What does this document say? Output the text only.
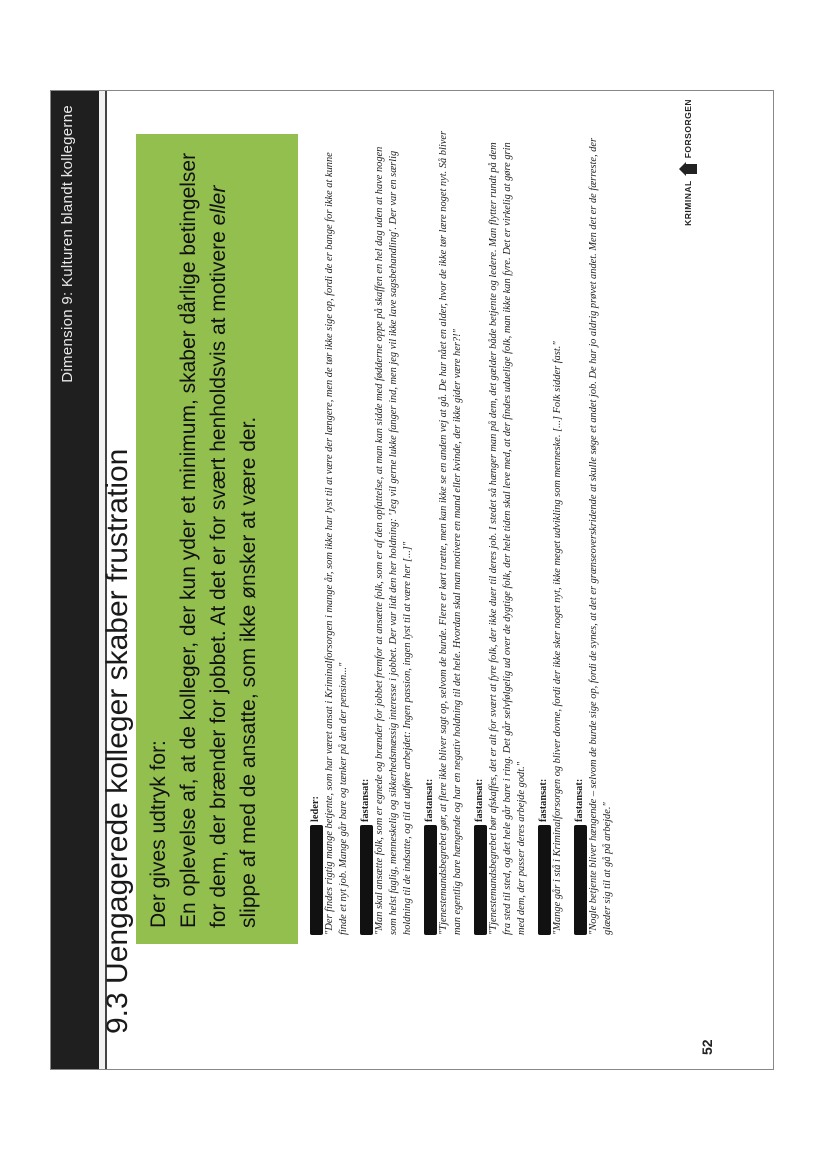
Dimension 9: Kulturen blandt kollegerne
52
KRIMINAL
FORSORGEN
9.3 Uengagerede kolleger skaber frustration Der gives udtryk for: En oplevelse af, at de kolleger, der kun yder et minimum, skaber dårlige betingelser for dem, der brænder for jobbet. At det er for svært henholdsvis at motivere eller slippe af med de ansatte, som ikke ønsker at være der.	leder: "Der findes rigtig mange betjente, som har været ansat i Kriminalforsorgen i mange år, som ikke har lyst til at være der længere, men de tør ikke sige op, fordi de er bange for ikke at kunne finde et nyt job. Mange går bare og tænker på den der pension..." fastansat: "Man skal ansætte folk, som er egnede og brænder for jobbet fremfor at ansætte folk, som er af den opfattelse, at man kan sidde med fødderne oppe på skaffen en hel dag uden at have nogen som helst faglig, menneskelig og sikkerhedsmæssig interesse i jobbet. Der var lidt den her holdning: 'Jeg vil gerne lukke fanger ind, men jeg vil ikke lave sagsbehandling'. Der var en særlig holdning til de indsatte, og til at udføre arbejdet: Ingen passion, ingen lyst til at være her [...]" fastansat: "Tjenestemandsbegrebet gør, at flere ikke bliver sagt op, selvom de burde. Flere er kørt trætte, men kan ikke se en anden vej at gå. De har nået en alder, hvor de ikke tør lære noget nyt. Så bliver man egentlig bare hængende og har en negativ holdning til det hele. Hvordan skal man motivere en mand eller kvinde, der ikke gider være her?!" fastansat: "Tjenestemandsbegrebet bør afskaffes, det er alt for svært at fyre folk, der ikke duer til deres job. I stedet så hænger man på dem, det gælder både betjente og ledere. Man flytter rundt på dem fra sted til sted, og det hele går bare i ring. Det går selvfølgelig ud over de dygtige folk, der hele tiden skal leve med, at der findes uduelige folk, man ikke kan fyre. Det er virkelig at gøre grin med dem, der passer deres arbejde godt." fastansat: "Mange går i stå i Kriminalforsorgen og bliver dovne, fordi der ikke sker noget nyt, ikke meget udvikling som menneske. [...] Folk sidder fast." fastansat: "Nogle betjente bliver hængende – selvom de burde sige op, fordi de synes, at det er grænseoverskridende at skulle søge et andet job. De har jo aldrig prøvet andet. Men det er de færreste, der glæder sig til at gå på arbejde."
